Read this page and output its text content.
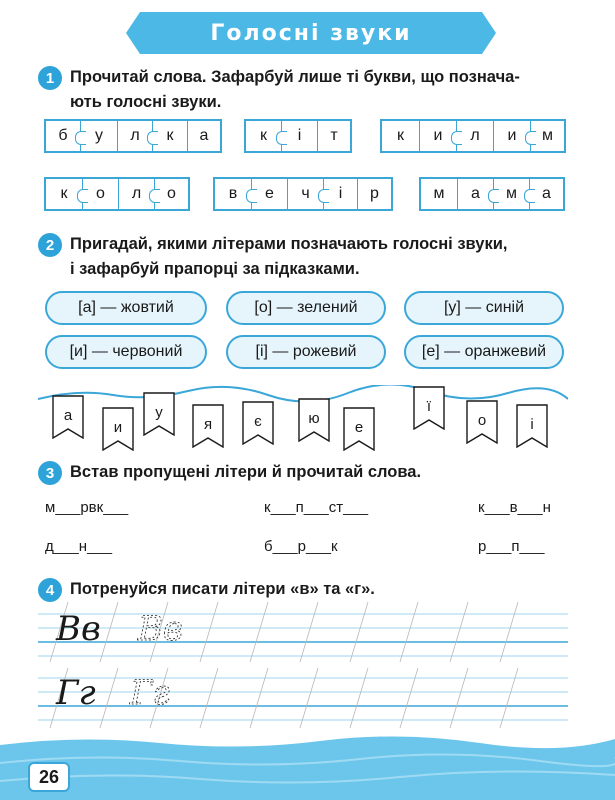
Голосні звуки
1 Прочитай слова. Зафарбуй лише ті букви, що познача-
ють голосні звуки.
б	у	л	к	а	к	і	т	к	и	л	и	м
к	о	л	о	в	е	ч	і	р	м	а	м	а
2 Пригадай, якими літерами позначають голосні звуки,
і зафарбуй прапорці за підказками.
[а] — жовтий	[о] — зелений	[у] — синій
[и] — червоний	[і] — рожевий	[е] — оранжевий
а
и
у
я	є	ю
е
ї
о	і
3 Встав пропущені літери й прочитай слова.
м___рвк___	к___п___ст___	к___в___н
д___н___	б___р___к	р___п___
4 Потренуйся писати літери «в» та «г».
Вв Вв
Гг Гг
26
